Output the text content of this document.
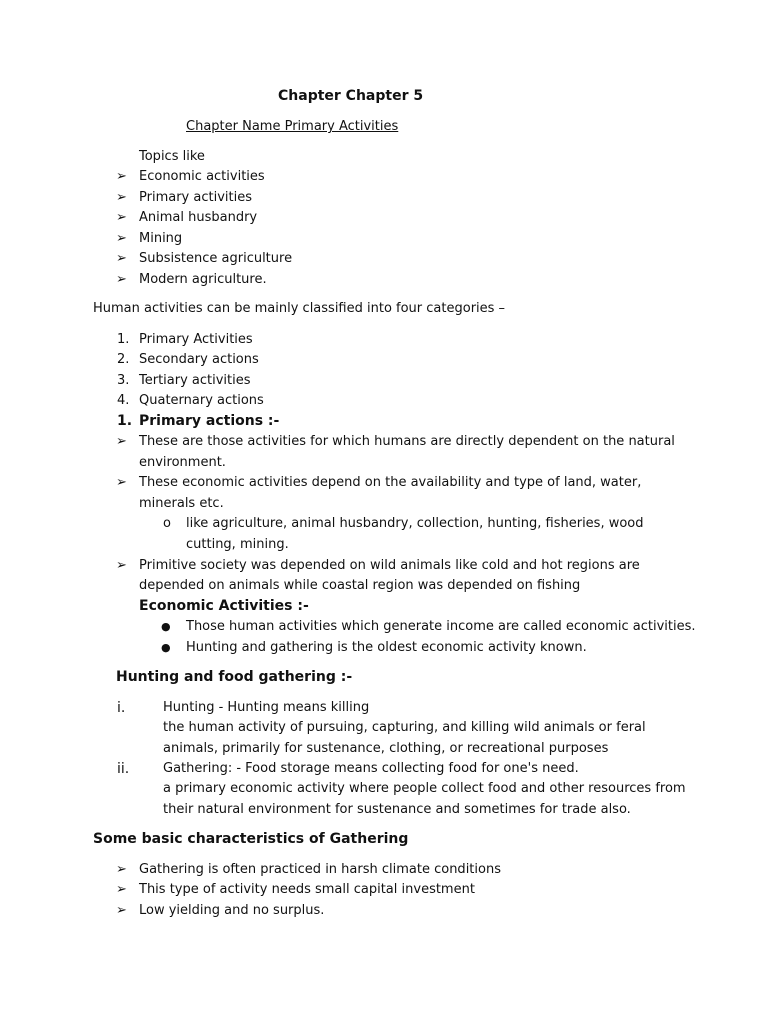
Chapter Chapter 5
Chapter Name Primary Activities
Topics like
➢ Economic activities
➢ Primary activities
➢ Animal husbandry
➢ Mining
➢ Subsistence agriculture
➢ Modern agriculture.
Human activities can be mainly classified into four categories –
1. Primary Activities
2. Secondary actions
3. Tertiary activities
4. Quaternary actions
1. Primary actions :-
➢ These are those activities for which humans are directly dependent on the natural
environment.
➢ These economic activities depend on the availability and type of land, water,
minerals etc.
o like agriculture, animal husbandry, collection, hunting, fisheries, wood
cutting, mining.
➢ Primitive society was depended on wild animals like cold and hot regions are
depended on animals while coastal region was depended on fishing
Economic Activities :-
● Those human activities which generate income are called economic activities.
● Hunting and gathering is the oldest economic activity known.
Hunting and food gathering :-
i.	Hunting - Hunting means killing
the human activity of pursuing, capturing, and killing wild animals or feral
animals, primarily for sustenance, clothing, or recreational purposes
ii.	Gathering: - Food storage means collecting food for one's need.
a primary economic activity where people collect food and other resources from
their natural environment for sustenance and sometimes for trade also.
Some basic characteristics of Gathering
➢ Gathering is often practiced in harsh climate conditions
➢ This type of activity needs small capital investment
➢ Low yielding and no surplus.
